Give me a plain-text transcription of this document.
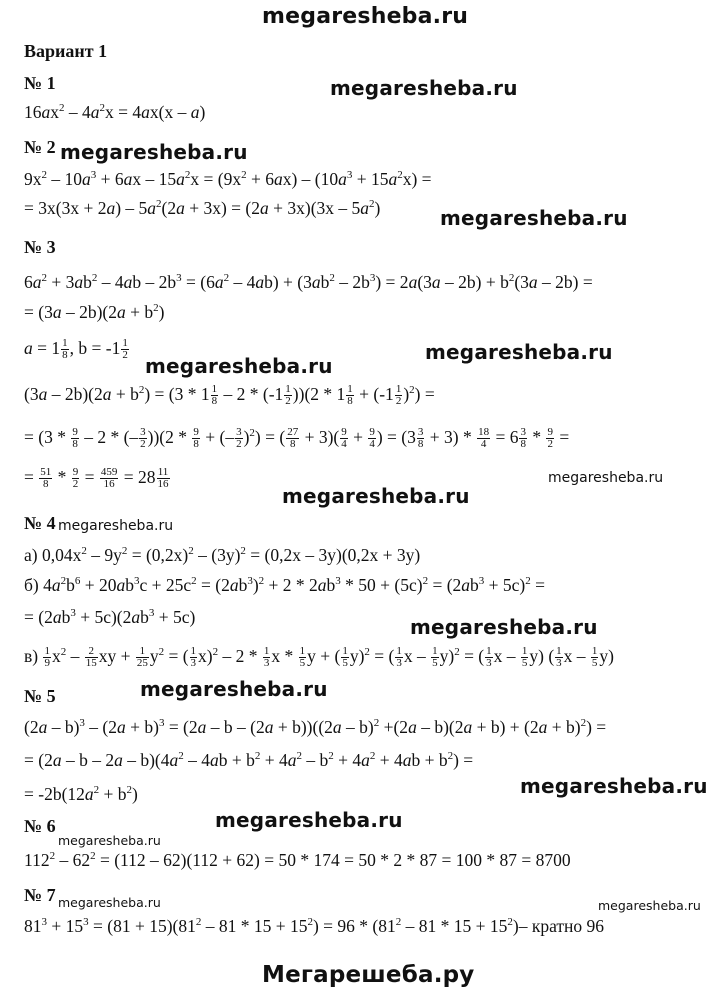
megaresheba.ru
Вариант 1
№ 1	megaresheba.ru
$16ax^2 - 4a^2x = 4ax(x - a)$
№ 2 megaresheba.ru
$9x^2 - 10a^3 + 6ax - 15a^2x = (9x^2 + 6ax) - (10a^3 + 15a^2x)$ =
= $3x(3x + 2a) - 5a^2(2a + 3x) = (2a + 3x)(3x - 5a^2)$	megaresheba.ru
№ 3
$6a^2 + 3ab^2 - 4ab - 2b^3 = (6a^2 - 4ab) + (3ab^2 - 2b^3) = 2a(3a - 2b) + b^2(3a - 2b)$ =
= $(3a - 2b)(2a + b^2)$
$a = 1 \frac{1}{8}$ , $b = -1 \frac{1}{2}$
megaresheba.ru
megaresheba.ru
$(3a - 2b)(2a + b^2) = (3 * 1 \frac{1}{8} - 2 * (-1 \frac{1}{2} ))(2 * 1 \frac{1}{8} + (-1 \frac{1}{2} )^2)$ =
= ($3 * \frac{9}{8} - 2$ * (– $\frac{3}{2} ))(2 * \frac{9}{8}$ + (– $\frac{3}{2} )^2$) = ( $\frac{27}{8} + 3)( \frac{9}{4} + \frac{9}{4}$ ) = $(3 \frac{3}{8} + 3) * \frac{18}{4} = 6 \frac{3}{8} * \frac{9}{2}$ =
= $\frac{51}{8} * \frac{9}{2} = \frac{459}{16} = 28 \frac{11}{16}$	megaresheba.ru
megaresheba.ru
№ 4 megaresheba.ru
а) $0,04x^2 - 9y^2 = (0,2x)^2 - (3y)^2 = (0,2x - 3y)(0,2x + 3y)$
б) $4a^2b^6 + 20ab^3c + 25c^2 = (2ab^3)^2 + 2 * 2ab^3 * 50 + (5c)^2 = (2ab^3 + 5c)^2$ =
= $(2ab^3 + 5c)(2ab^3 + 5c)$	megaresheba.ru
$в) \frac{1}{9} x^2 - \frac{2}{15}$ xy + $\frac{1}{25} y^2$ = ( $\frac{1}{3} x)^2 - 2 * \frac{1}{3}$ x * $\frac{1}{5}$ y + ( $\frac{1}{5} y)^2$ = ( $\frac{1}{3}$ x – $\frac{1}{5} y)^2$ = ( $\frac{1}{3}$ x – $\frac{1}{5} y$) ( $\frac{1}{3}$ x – $\frac{1}{5} y$)
№ 5	megaresheba.ru
$(2a - b)^3 - (2a + b)^3 = (2a - b - (2a + b))((2a - b)^2 +(2a - b)(2a + b) + (2a + b)^2)$ =
= $(2a - b - 2a - b)(4a^2 - 4ab + b^2 + 4a^2 - b^2 + 4a^2 + 4ab + b^2)$ =
= $-2b(12a^2 + b^2)$	megaresheba.ru
№ 6	megaresheba.ru
megaresheba.ru
$112^2 - 62^2 = (112 - 62)(112 + 62) = 50 * 174 = 50 * 2 * 87 = 100 * 87 = 8700$
№ 7 megaresheba.ru	megaresheba.ru
$81^3 + 15^3 = (81 + 15)(81^2 - 81 * 15 + 15^2) = 96 * (81^2 - 81 * 15 + 15^2)-$ кратно 96
Мегарешеба.ру
